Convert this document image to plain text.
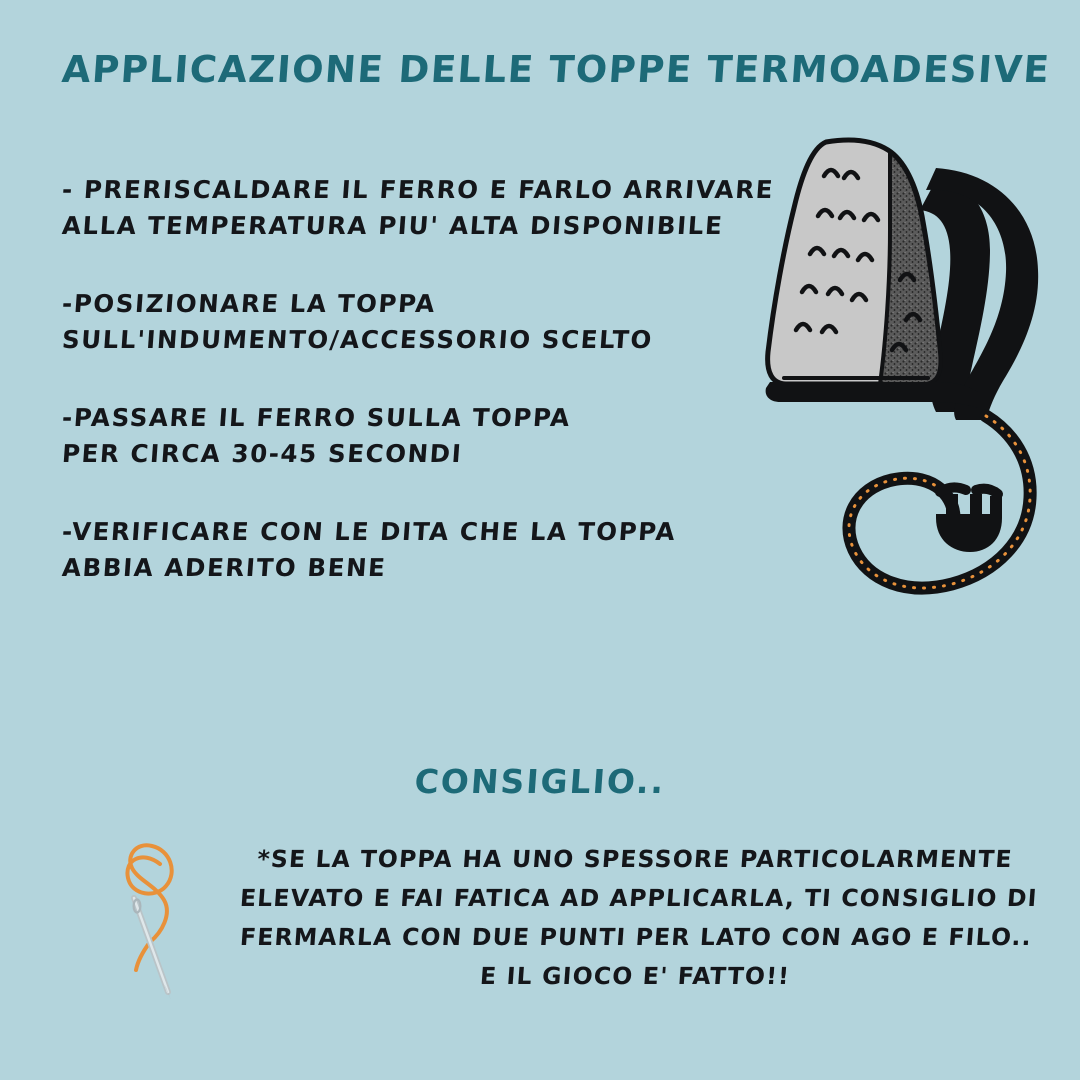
APPLICAZIONE DELLE TOPPE TERMOADESIVE
- PRERISCALDARE IL FERRO E FARLO ARRIVARE
ALLA TEMPERATURA PIU' ALTA DISPONIBILE
-POSIZIONARE LA TOPPA
SULL'INDUMENTO/ACCESSORIO SCELTO
-PASSARE IL FERRO SULLA TOPPA
PER CIRCA 30-45 SECONDI
-VERIFICARE CON LE DITA CHE LA TOPPA
ABBIA ADERITO BENE
CONSIGLIO..
*SE LA TOPPA HA UNO SPESSORE PARTICOLARMENTE
ELEVATO E FAI FATICA AD APPLICARLA, TI CONSIGLIO DI
FERMARLA CON DUE PUNTI PER LATO CON AGO E FILO..
E IL GIOCO E' FATTO!!
